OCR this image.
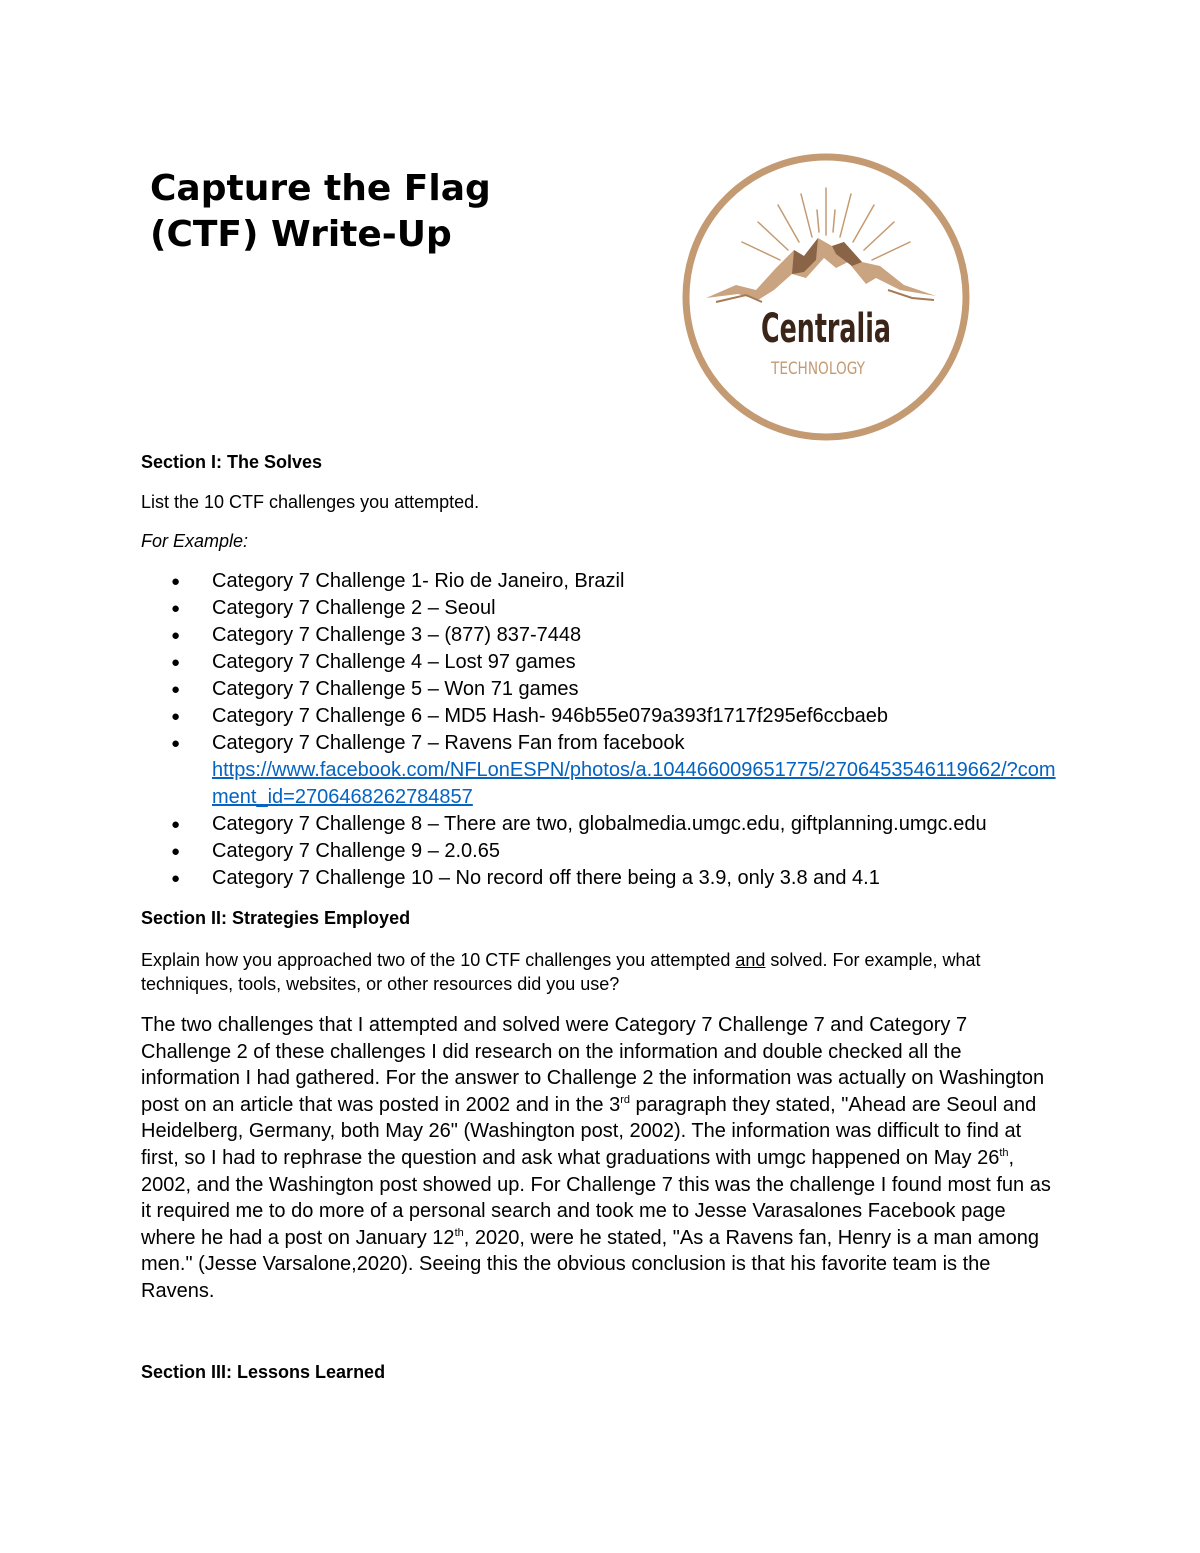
Capture the Flag
(CTF) Write-Up
Centralia
TECHNOLOGY

Section I: The Solves

List the 10 CTF challenges you attempted.

For Example:

● Category 7 Challenge 1- Rio de Janeiro, Brazil
● Category 7 Challenge 2 – Seoul
● Category 7 Challenge 3 – (877) 837-7448
● Category 7 Challenge 4 – Lost 97 games
● Category 7 Challenge 5 – Won 71 games
● Category 7 Challenge 6 – MD5 Hash- 946b55e079a393f1717f295ef6ccbaeb
● Category 7 Challenge 7 – Ravens Fan from facebook
https://www.facebook.com/NFLonESPN/photos/a.104466009651775/2706453546119662/?comment_id=2706468262784857
● Category 7 Challenge 8 – There are two, globalmedia.umgc.edu, giftplanning.umgc.edu
● Category 7 Challenge 9 – 2.0.65
● Category 7 Challenge 10 – No record off there being a 3.9, only 3.8 and 4.1

Section II: Strategies Employed

Explain how you approached two of the 10 CTF challenges you attempted and solved. For example, what techniques, tools, websites, or other resources did you use?

The two challenges that I attempted and solved were Category 7 Challenge 7 and Category 7 Challenge 2 of these challenges I did research on the information and double checked all the information I had gathered. For the answer to Challenge 2 the information was actually on Washington post on an article that was posted in 2002 and in the 3rd paragraph they stated, "Ahead are Seoul and Heidelberg, Germany, both May 26" (Washington post, 2002). The information was difficult to find at first, so I had to rephrase the question and ask what graduations with umgc happened on May 26th, 2002, and the Washington post showed up. For Challenge 7 this was the challenge I found most fun as it required me to do more of a personal search and took me to Jesse Varasalones Facebook page where he had a post on January 12th, 2020, were he stated, "As a Ravens fan, Henry is a man among men." (Jesse Varsalone,2020). Seeing this the obvious conclusion is that his favorite team is the Ravens.

Section III: Lessons Learned
